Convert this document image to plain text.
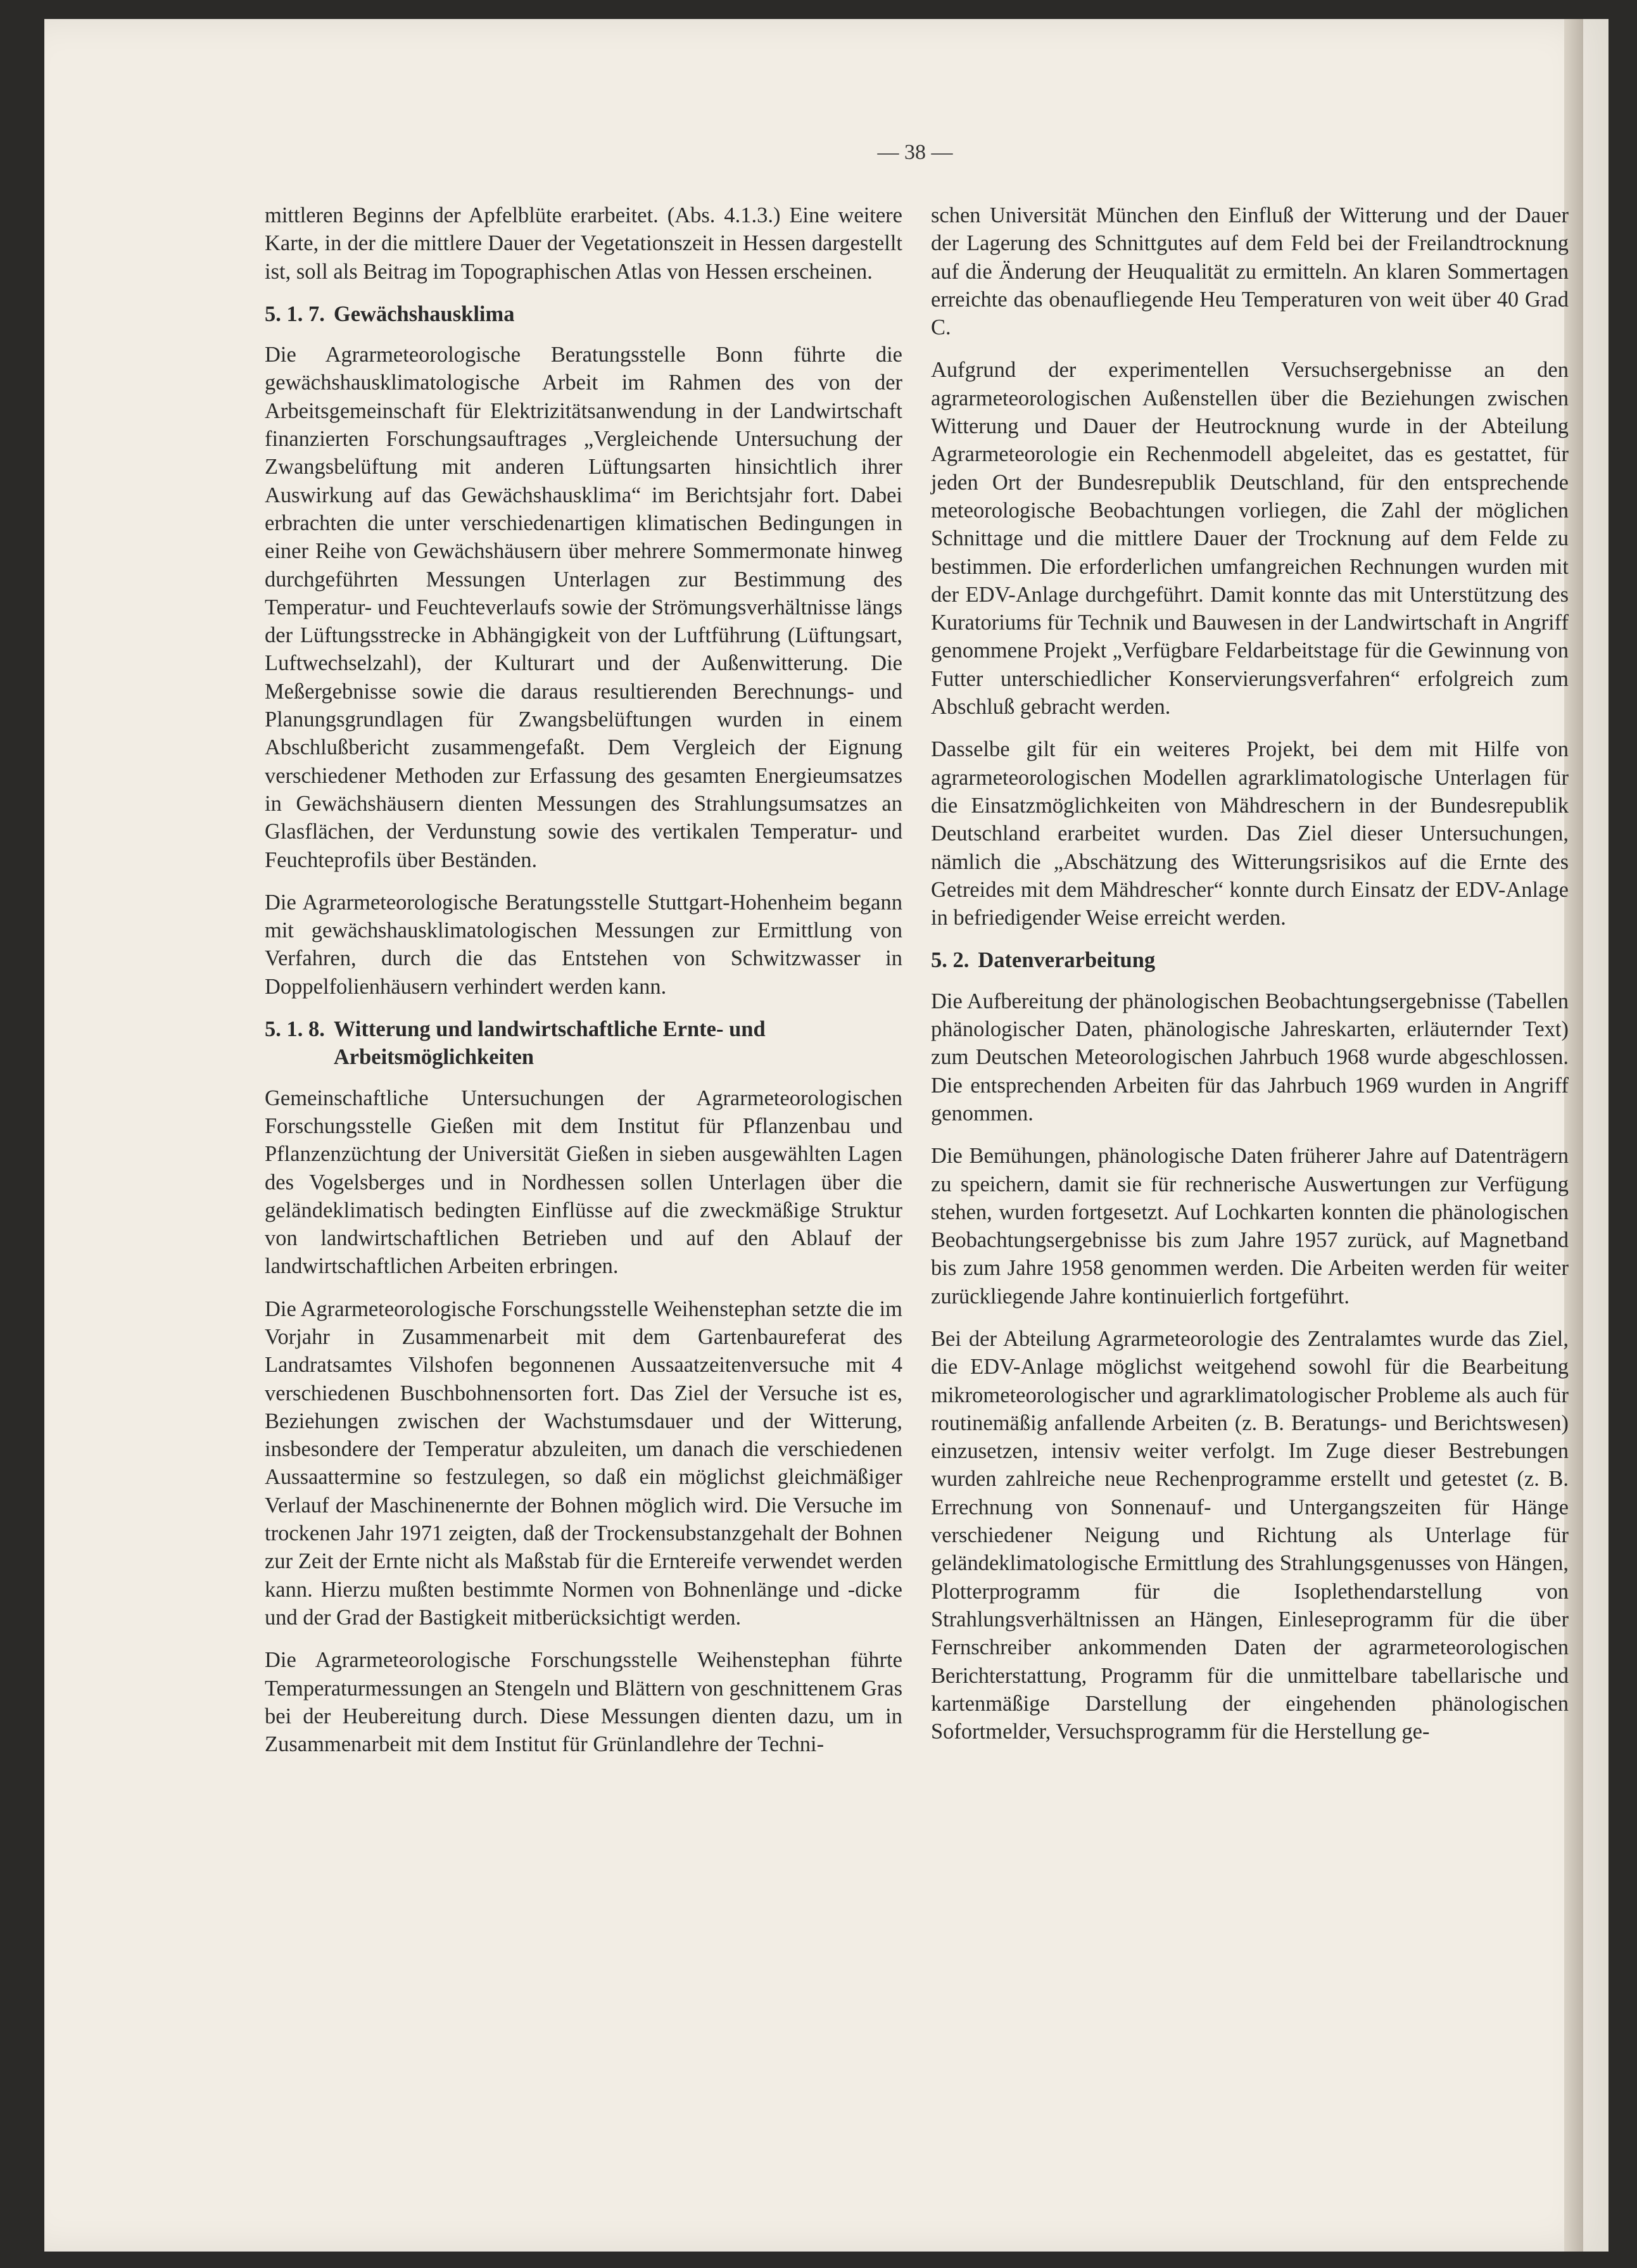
— 38 —

mittleren Beginns der Apfelblüte erarbeitet. (Abs. 4.1.3.) Eine weitere Karte, in der die mittlere Dauer der Vegetationszeit in Hessen dargestellt ist, soll als Beitrag im Topographischen Atlas von Hessen erscheinen.

5. 1. 7. Gewächshausklima

Die Agrarmeteorologische Beratungsstelle Bonn führte die gewächshausklimatologische Arbeit im Rahmen des von der Arbeitsgemeinschaft für Elektrizitätsanwendung in der Landwirtschaft finanzierten Forschungsauftrages „Vergleichende Untersuchung der Zwangsbelüftung mit anderen Lüftungsarten hinsichtlich ihrer Auswirkung auf das Gewächshausklima“ im Berichtsjahr fort. Dabei erbrachten die unter verschiedenartigen klimatischen Bedingungen in einer Reihe von Gewächshäusern über mehrere Sommermonate hinweg durchgeführten Messungen Unterlagen zur Bestimmung des Temperatur- und Feuchteverlaufs sowie der Strömungsverhältnisse längs der Lüftungsstrecke in Abhängigkeit von der Luftführung (Lüftungsart, Luftwechselzahl), der Kulturart und der Außenwitterung. Die Meßergebnisse sowie die daraus resultierenden Berechnungs- und Planungsgrundlagen für Zwangsbelüftungen wurden in einem Abschlußbericht zusammengefaßt. Dem Vergleich der Eignung verschiedener Methoden zur Erfassung des gesamten Energieumsatzes in Gewächshäusern dienten Messungen des Strahlungsumsatzes an Glasflächen, der Verdunstung sowie des vertikalen Temperatur- und Feuchteprofils über Beständen.

Die Agrarmeteorologische Beratungsstelle Stuttgart-Hohenheim begann mit gewächshausklimatologischen Messungen zur Ermittlung von Verfahren, durch die das Entstehen von Schwitzwasser in Doppelfolienhäusern verhindert werden kann.

5. 1. 8. Witterung und landwirtschaftliche Ernte- und Arbeitsmöglichkeiten

Gemeinschaftliche Untersuchungen der Agrarmeteorologischen Forschungsstelle Gießen mit dem Institut für Pflanzenbau und Pflanzenzüchtung der Universität Gießen in sieben ausgewählten Lagen des Vogelsberges und in Nordhessen sollen Unterlagen über die geländeklimatisch bedingten Einflüsse auf die zweckmäßige Struktur von landwirtschaftlichen Betrieben und auf den Ablauf der landwirtschaftlichen Arbeiten erbringen.

Die Agrarmeteorologische Forschungsstelle Weihenstephan setzte die im Vorjahr in Zusammenarbeit mit dem Gartenbaureferat des Landratsamtes Vilshofen begonnenen Aussaatzeitenversuche mit 4 verschiedenen Buschbohnensorten fort. Das Ziel der Versuche ist es, Beziehungen zwischen der Wachstumsdauer und der Witterung, insbesondere der Temperatur abzuleiten, um danach die verschiedenen Aussaattermine so festzulegen, so daß ein möglichst gleichmäßiger Verlauf der Maschinenernte der Bohnen möglich wird. Die Versuche im trockenen Jahr 1971 zeigten, daß der Trockensubstanzgehalt der Bohnen zur Zeit der Ernte nicht als Maßstab für die Erntereife verwendet werden kann. Hierzu mußten bestimmte Normen von Bohnenlänge und -dicke und der Grad der Bastigkeit mitberücksichtigt werden.

Die Agrarmeteorologische Forschungsstelle Weihenstephan führte Temperaturmessungen an Stengeln und Blättern von geschnittenem Gras bei der Heubereitung durch. Diese Messungen dienten dazu, um in Zusammenarbeit mit dem Institut für Grünlandlehre der Techni-

schen Universität München den Einfluß der Witterung und der Dauer der Lagerung des Schnittgutes auf dem Feld bei der Freilandtrocknung auf die Änderung der Heuqualität zu ermitteln. An klaren Sommertagen erreichte das obenaufliegende Heu Temperaturen von weit über 40 Grad C.

Aufgrund der experimentellen Versuchsergebnisse an den agrarmeteorologischen Außenstellen über die Beziehungen zwischen Witterung und Dauer der Heutrocknung wurde in der Abteilung Agrarmeteorologie ein Rechenmodell abgeleitet, das es gestattet, für jeden Ort der Bundesrepublik Deutschland, für den entsprechende meteorologische Beobachtungen vorliegen, die Zahl der möglichen Schnittage und die mittlere Dauer der Trocknung auf dem Felde zu bestimmen. Die erforderlichen umfangreichen Rechnungen wurden mit der EDV-Anlage durchgeführt. Damit konnte das mit Unterstützung des Kuratoriums für Technik und Bauwesen in der Landwirtschaft in Angriff genommene Projekt „Verfügbare Feldarbeitstage für die Gewinnung von Futter unterschiedlicher Konservierungsverfahren“ erfolgreich zum Abschluß gebracht werden.

Dasselbe gilt für ein weiteres Projekt, bei dem mit Hilfe von agrarmeteorologischen Modellen agrarklimatologische Unterlagen für die Einsatzmöglichkeiten von Mähdreschern in der Bundesrepublik Deutschland erarbeitet wurden. Das Ziel dieser Untersuchungen, nämlich die „Abschätzung des Witterungsrisikos auf die Ernte des Getreides mit dem Mähdrescher“ konnte durch Einsatz der EDV-Anlage in befriedigender Weise erreicht werden.

5. 2. Datenverarbeitung

Die Aufbereitung der phänologischen Beobachtungsergebnisse (Tabellen phänologischer Daten, phänologische Jahreskarten, erläuternder Text) zum Deutschen Meteorologischen Jahrbuch 1968 wurde abgeschlossen. Die entsprechenden Arbeiten für das Jahrbuch 1969 wurden in Angriff genommen.

Die Bemühungen, phänologische Daten früherer Jahre auf Datenträgern zu speichern, damit sie für rechnerische Auswertungen zur Verfügung stehen, wurden fortgesetzt. Auf Lochkarten konnten die phänologischen Beobachtungsergebnisse bis zum Jahre 1957 zurück, auf Magnetband bis zum Jahre 1958 genommen werden. Die Arbeiten werden für weiter zurückliegende Jahre kontinuierlich fortgeführt.

Bei der Abteilung Agrarmeteorologie des Zentralamtes wurde das Ziel, die EDV-Anlage möglichst weitgehend sowohl für die Bearbeitung mikrometeorologischer und agrarklimatologischer Probleme als auch für routinemäßig anfallende Arbeiten (z. B. Beratungs- und Berichtswesen) einzusetzen, intensiv weiter verfolgt. Im Zuge dieser Bestrebungen wurden zahlreiche neue Rechenprogramme erstellt und getestet (z. B. Errechnung von Sonnenauf- und Untergangszeiten für Hänge verschiedener Neigung und Richtung als Unterlage für geländeklimatologische Ermittlung des Strahlungsgenusses von Hängen, Plotterprogramm für die Isoplethendarstellung von Strahlungsverhältnissen an Hängen, Einleseprogramm für die über Fernschreiber ankommenden Daten der agrarmeteorologischen Berichterstattung, Programm für die unmittelbare tabellarische und kartenmäßige Darstellung der eingehenden phänologischen Sofortmelder, Versuchsprogramm für die Herstellung ge-
